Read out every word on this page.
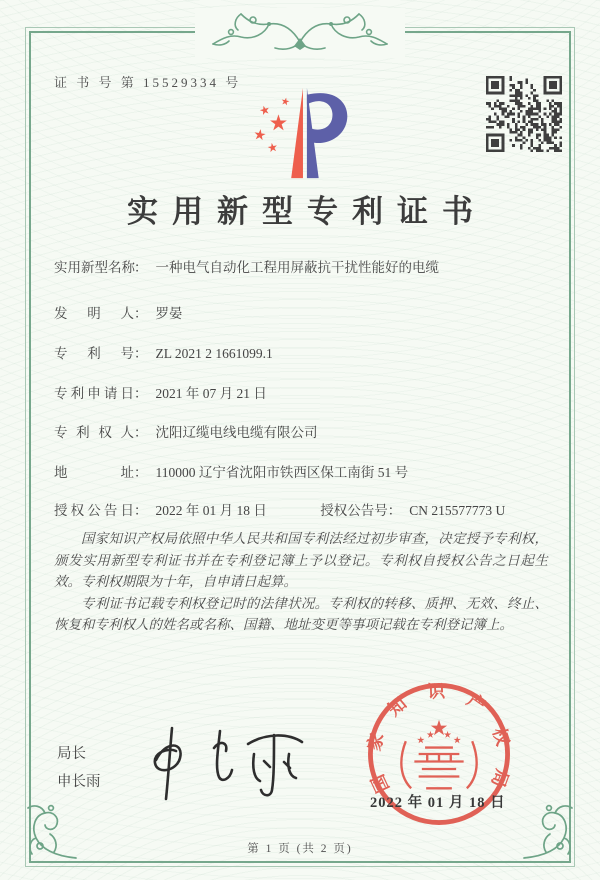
证 书 号 第 15529334 号
实用新型专利证书
实用新型名称： 一种电气自动化工程用屏蔽抗干扰性能好的电缆
发明人： 罗晏
专利号： ZL 2021 2 1661099.1
专利申请日： 2021 年 07 月 21 日
专利权人： 沈阳辽缆电线电缆有限公司
地址： 110000 辽宁省沈阳市铁西区保工南街 51 号
授权公告日： 2022 年 01 月 18 日	授权公告号： CN 215577773 U

国家知识产权局依照中华人民共和国专利法经过初步审查，决定授予专利权，颁发实用新型专利证书并在专利登记簿上予以登记。专利权自授权公告之日起生效。专利权期限为十年，自申请日起算。

专利证书记载专利权登记时的法律状况。专利权的转移、质押、无效、终止、恢复和专利权人的姓名或名称、国籍、地址变更等事项记载在专利登记簿上。

局长
申长雨	国
家
知
识 产
权
局
2022 年 01 月 18 日
第 1 页 (共 2 页)
